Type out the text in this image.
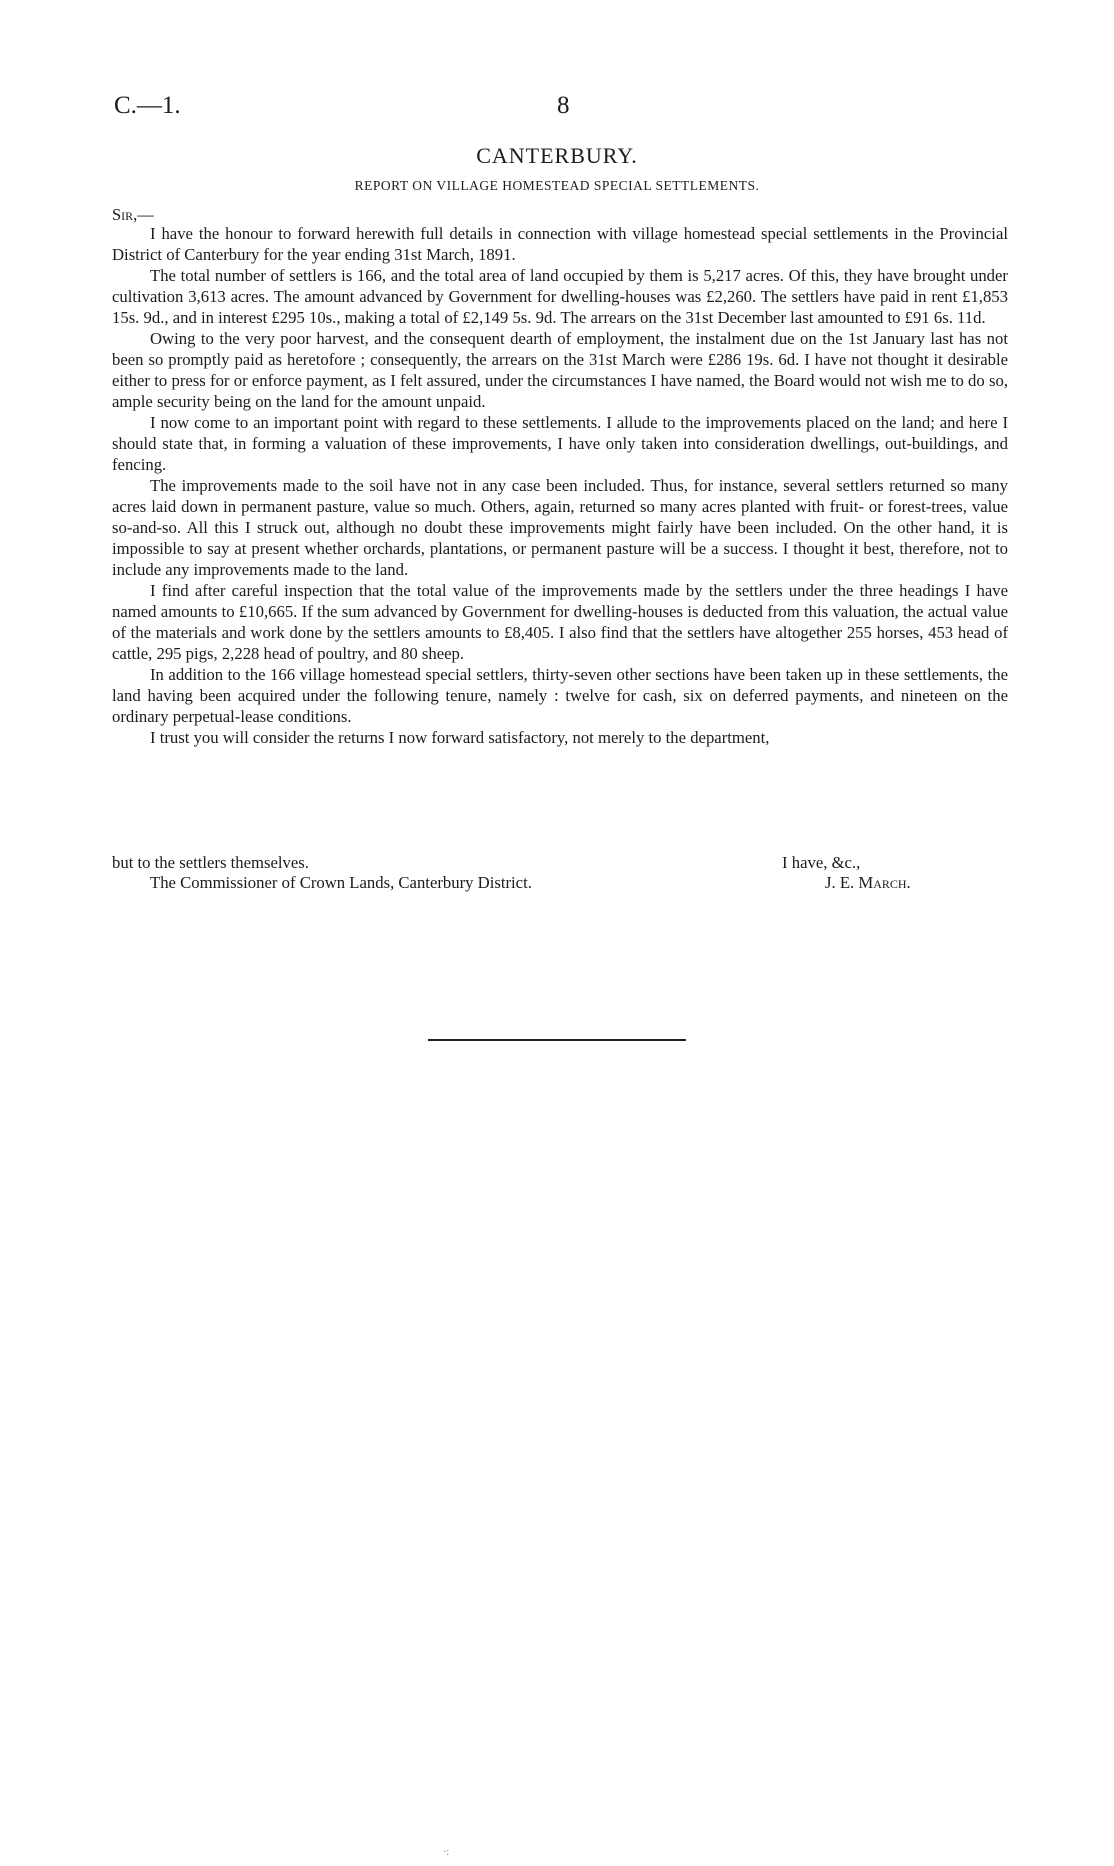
C.—1.	8
CANTERBURY.
REPORT ON VILLAGE HOMESTEAD SPECIAL SETTLEMENTS.
Sir,—

I have the honour to forward herewith full details in connection with village homestead special settlements in the Provincial District of Canterbury for the year ending 31st March, 1891.

The total number of settlers is 166, and the total area of land occupied by them is 5,217 acres. Of this, they have brought under cultivation 3,613 acres. The amount advanced by Government for dwelling-houses was £2,260. The settlers have paid in rent £1,853 15s. 9d., and in interest £295 10s., making a total of £2,149 5s. 9d. The arrears on the 31st December last amounted to £91 6s. 11d.

Owing to the very poor harvest, and the consequent dearth of employment, the instalment due on the 1st January last has not been so promptly paid as heretofore ; consequently, the arrears on the 31st March were £286 19s. 6d. I have not thought it desirable either to press for or enforce payment, as I felt assured, under the circumstances I have named, the Board would not wish me to do so, ample security being on the land for the amount unpaid.

I now come to an important point with regard to these settlements. I allude to the improvements placed on the land; and here I should state that, in forming a valuation of these improvements, I have only taken into consideration dwellings, out-buildings, and fencing.

The improvements made to the soil have not in any case been included. Thus, for instance, several settlers returned so many acres laid down in permanent pasture, value so much. Others, again, returned so many acres planted with fruit- or forest-trees, value so-and-so. All this I struck out, although no doubt these improvements might fairly have been included. On the other hand, it is impossible to say at present whether orchards, plantations, or permanent pasture will be a success. I thought it best, therefore, not to include any improvements made to the land.

I find after careful inspection that the total value of the improvements made by the settlers under the three headings I have named amounts to £10,665. If the sum advanced by Government for dwelling-houses is deducted from this valuation, the actual value of the materials and work done by the settlers amounts to £8,405. I also find that the settlers have altogether 255 horses, 453 head of cattle, 295 pigs, 2,228 head of poultry, and 80 sheep.

In addition to the 166 village homestead special settlers, thirty-seven other sections have been taken up in these settlements, the land having been acquired under the following tenure, namely : twelve for cash, six on deferred payments, and nineteen on the ordinary perpetual-lease conditions.

I trust you will consider the returns I now forward satisfactory, not merely to the department,

but to the settlers themselves.	I have, &c.,
The Commissioner of Crown Lands, Canterbury District.	J. E. March.
·:
